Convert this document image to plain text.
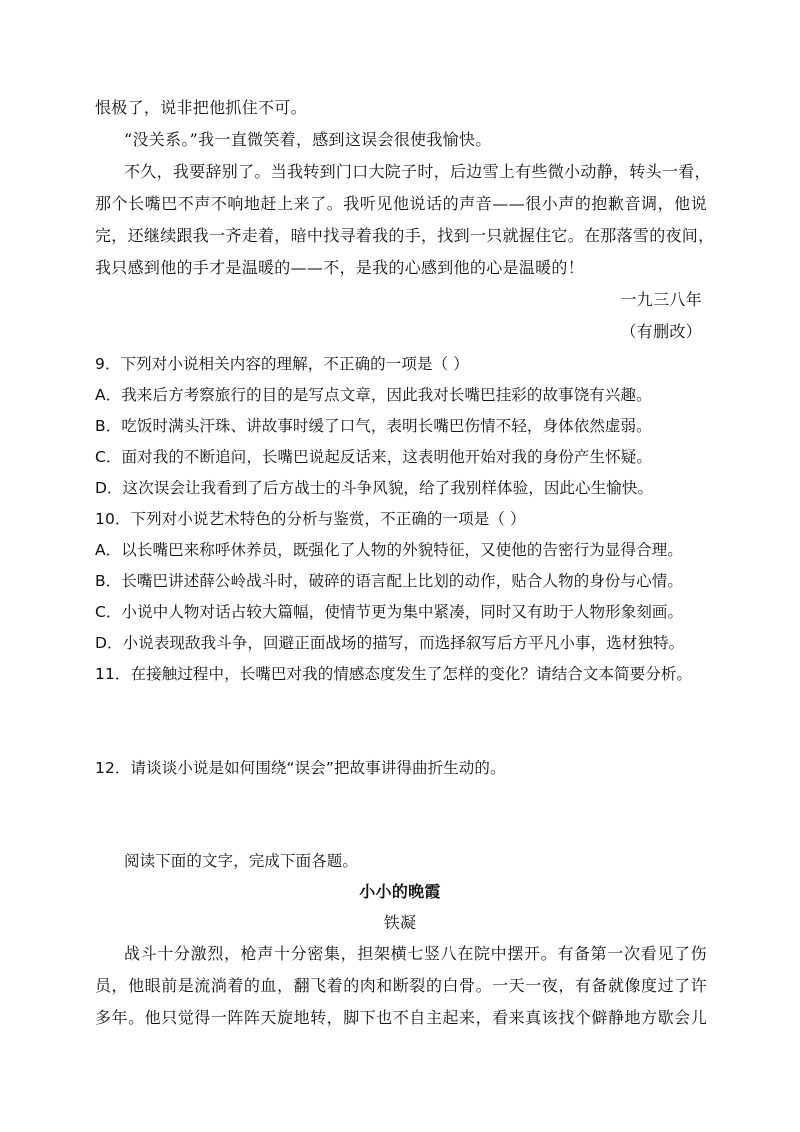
恨极了，说非把他抓住不可。
“没关系。”我一直微笑着，感到这误会很使我愉快。
不久，我要辞别了。当我转到门口大院子时，后边雪上有些微小动静，转头一看，
那个长嘴巴不声不响地赶上来了。我听见他说话的声音——很小声的抱歉音调，他说
完，还继续跟我一齐走着，暗中找寻着我的手，找到一只就握住它。在那落雪的夜间，
我只感到他的手才是温暖的——不，是我的心感到他的心是温暖的！
一九三八年
（有删改）
9．下列对小说相关内容的理解，不正确的一项是（ ）
A．我来后方考察旅行的目的是写点文章，因此我对长嘴巴挂彩的故事饶有兴趣。
B．吃饭时满头汗珠、讲故事时缓了口气，表明长嘴巴伤情不轻，身体依然虚弱。
C．面对我的不断追问，长嘴巴说起反话来，这表明他开始对我的身份产生怀疑。
D．这次误会让我看到了后方战士的斗争风貌，给了我别样体验，因此心生愉快。
10．下列对小说艺术特色的分析与鉴赏，不正确的一项是（ ）
A．以长嘴巴来称呼休养员，既强化了人物的外貌特征，又使他的告密行为显得合理。
B．长嘴巴讲述薛公岭战斗时，破碎的语言配上比划的动作，贴合人物的身份与心情。
C．小说中人物对话占较大篇幅，使情节更为集中紧凑，同时又有助于人物形象刻画。
D．小说表现敌我斗争，回避正面战场的描写，而选择叙写后方平凡小事，选材独特。
11．在接触过程中，长嘴巴对我的情感态度发生了怎样的变化？请结合文本简要分析。
12．请谈谈小说是如何围绕“误会”把故事讲得曲折生动的。
阅读下面的文字，完成下面各题。
小小的晚霞
铁凝
战斗十分激烈，枪声十分密集，担架横七竖八在院中摆开。有备第一次看见了伤
员，他眼前是流淌着的血，翻飞着的肉和断裂的白骨。一天一夜，有备就像度过了许
多年。他只觉得一阵阵天旋地转，脚下也不自主起来，看来真该找个僻静地方歇会儿
